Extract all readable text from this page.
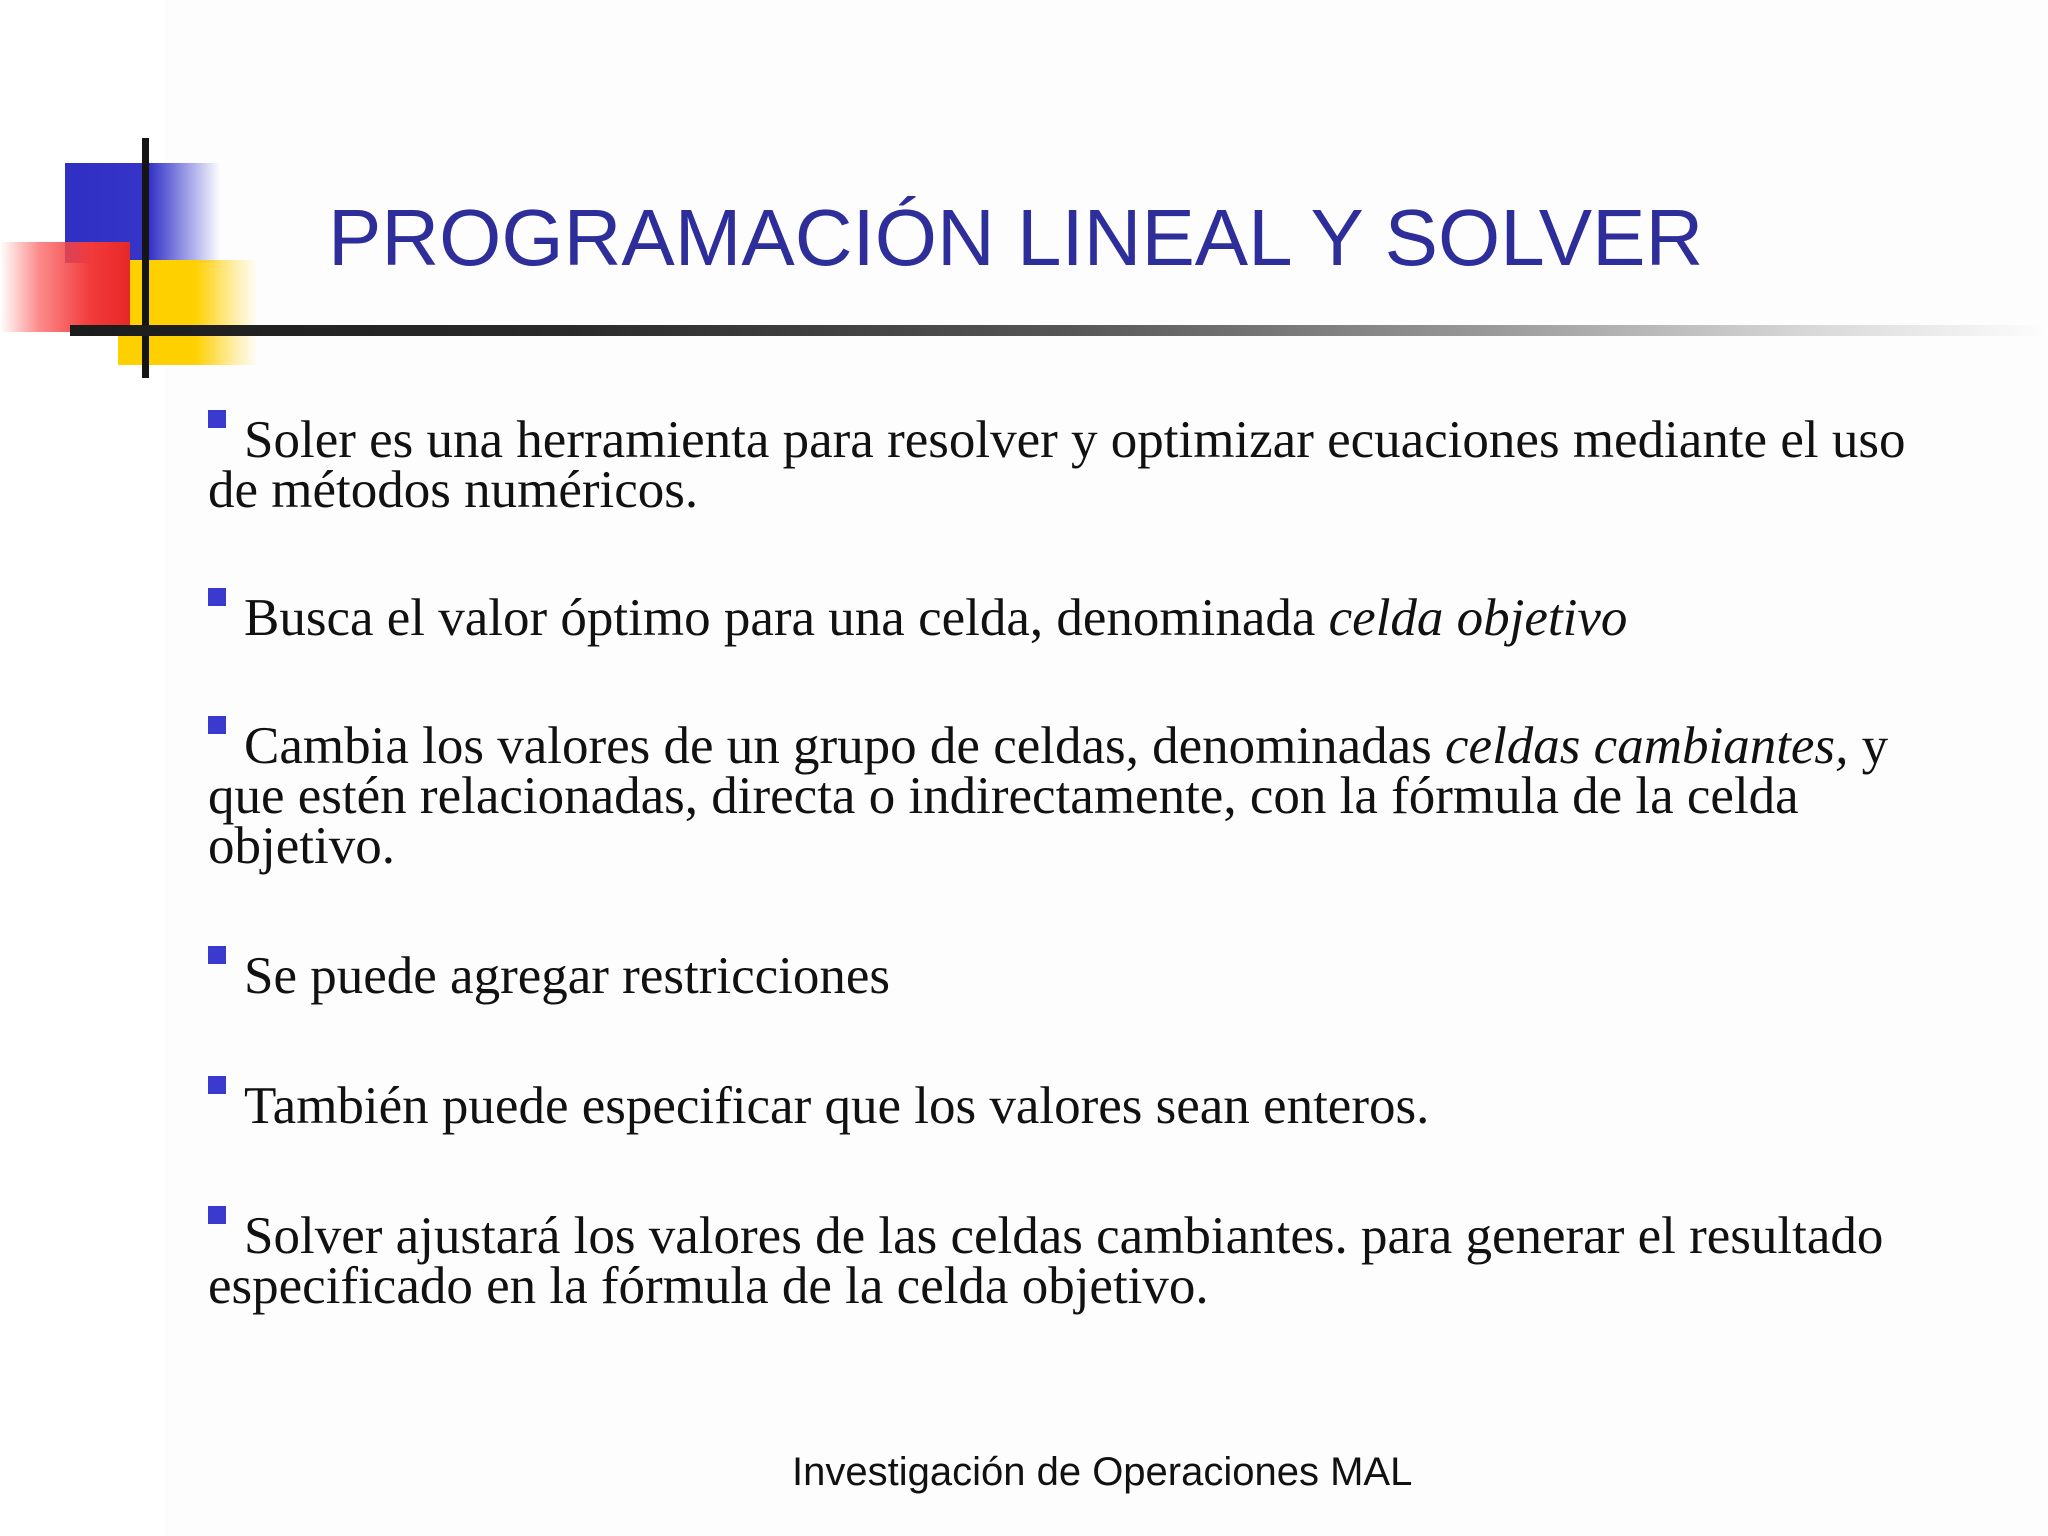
PROGRAMACIÓN LINEAL Y SOLVER
Soler es una herramienta para resolver y optimizar ecuaciones mediante el uso de métodos numéricos.
Busca el valor óptimo para una celda, denominada celda objetivo
Cambia los valores de un grupo de celdas, denominadas celdas cambiantes, y que estén relacionadas, directa o indirectamente, con la fórmula de la celda objetivo.
Se puede agregar restricciones
También puede especificar que los valores sean enteros.
Solver ajustará los valores de las celdas cambiantes. para generar el resultado especificado en la fórmula de la celda objetivo.
Investigación de Operaciones MAL
